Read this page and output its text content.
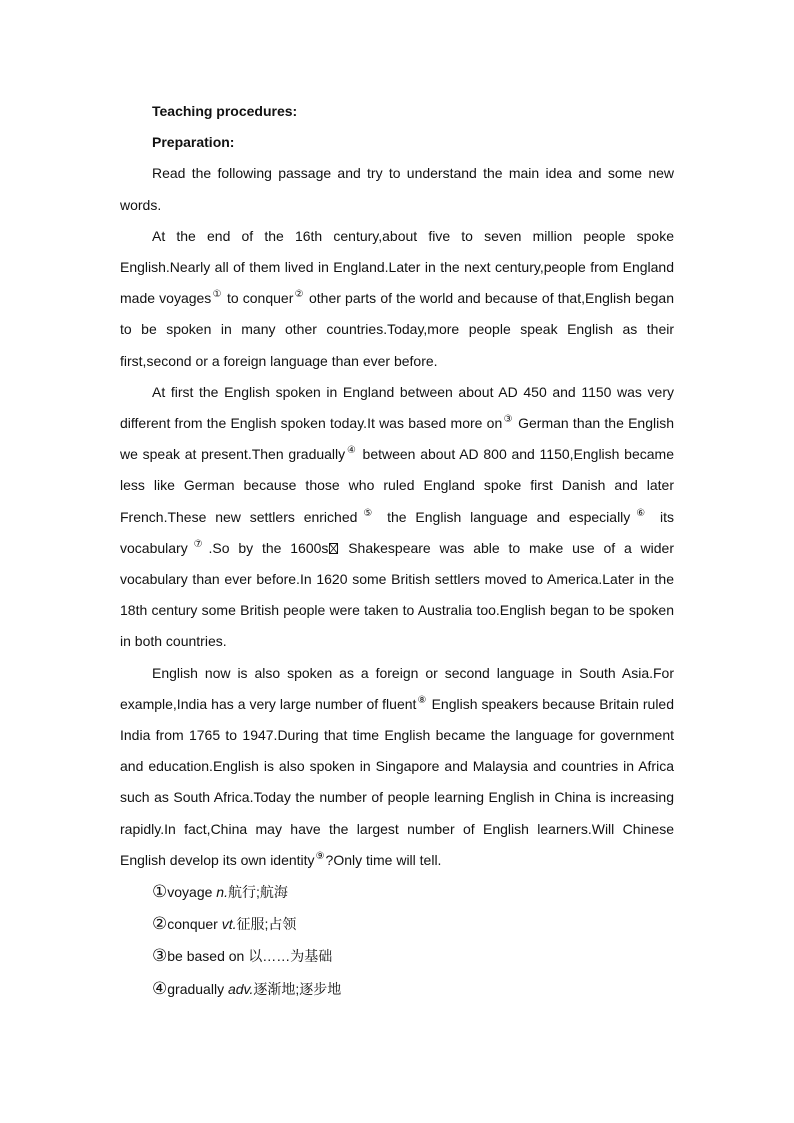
Teaching procedures:

Preparation:

Read the following passage and try to understand the main idea and some new words.

At the end of the 16th century,about five to seven million people spoke English.Nearly all of them lived in England.Later in the next century,people from England made voyages① to conquer② other parts of the world and because of that,English began to be spoken in many other countries.Today,more people speak English as their first,second or a foreign language than ever before.

At first the English spoken in England between about AD 450 and 1150 was very different from the English spoken today.It was based more on③ German than the English we speak at present.Then gradually④ between about AD 800 and 1150,English became less like German because those who ruled England spoke first Danish and later French.These new settlers enriched⑤ the English language and especially⑥ its vocabulary⑦.So by the 1600s Shakespeare was able to make use of a wider vocabulary than ever before.In 1620 some British settlers moved to America.Later in the 18th century some British people were taken to Australia too.English began to be spoken in both countries.

English now is also spoken as a foreign or second language in South Asia.For example,India has a very large number of fluent⑧ English speakers because Britain ruled India from 1765 to 1947.During that time English became the language for government and education.English is also spoken in Singapore and Malaysia and countries in Africa such as South Africa.Today the number of people learning English in China is increasing rapidly.In fact,China may have the largest number of English learners.Will Chinese English develop its own identity⑨?Only time will tell.

①voyage n.航行;航海

②conquer vt.征服;占领

③be based on 以……为基础

④gradually adv.逐渐地;逐步地
